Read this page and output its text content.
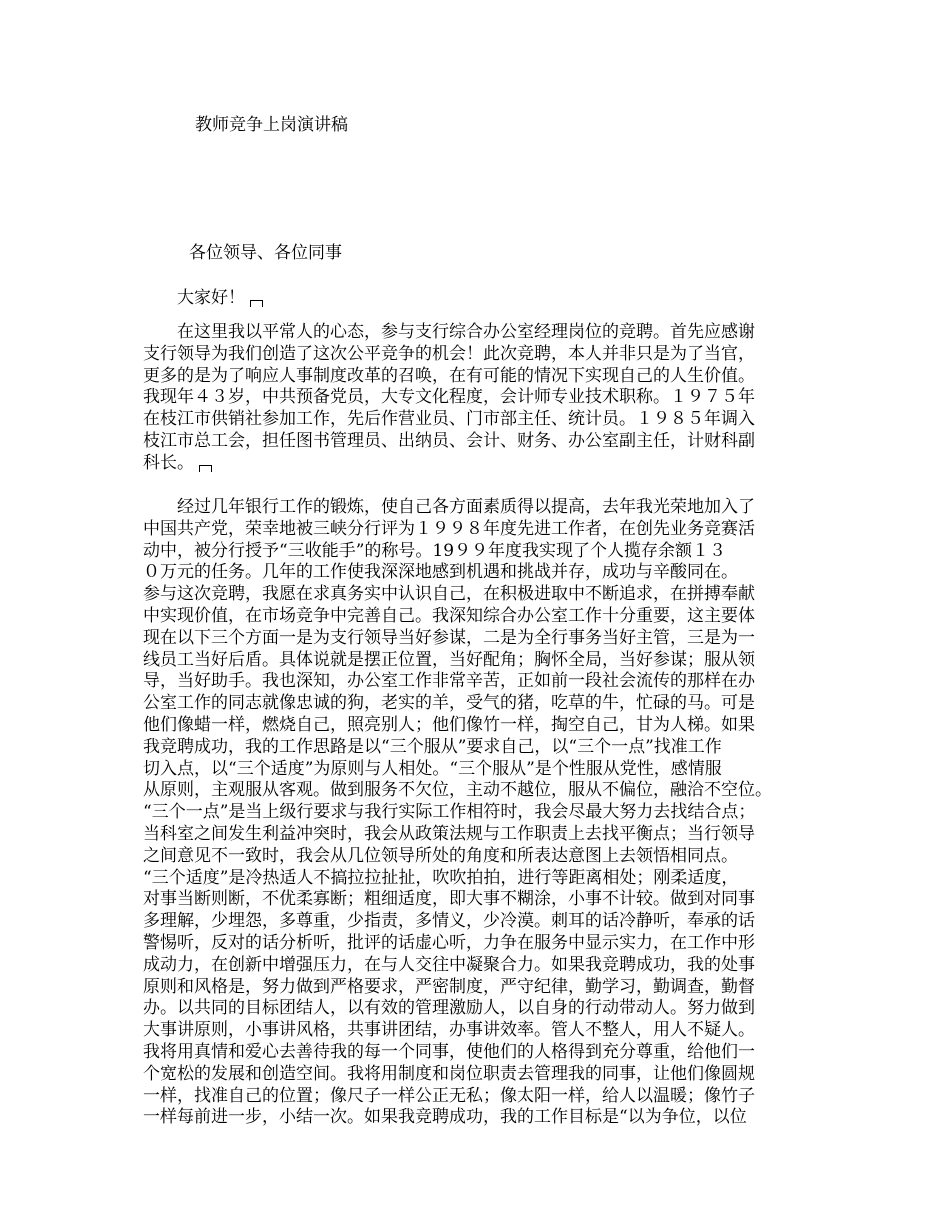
教师竞争上岗演讲稿
各位领导、各位同事
大家好！
　　在这里我以平常人的心态，参与支行综合办公室经理岗位的竞聘。首先应感谢
支行领导为我们创造了这次公平竞争的机会！此次竞聘，本人并非只是为了当官，
更多的是为了响应人事制度改革的召唤，在有可能的情况下实现自己的人生价值。
我现年４３岁，中共预备党员，大专文化程度，会计师专业技术职称。１９７５年
在枝江市供销社参加工作，先后作营业员、门市部主任、统计员。１９８５年调入
枝江市总工会，担任图书管理员、出纳员、会计、财务、办公室副主任，计财科副
科长。
　　经过几年银行工作的锻炼，使自己各方面素质得以提高，去年我光荣地加入了
中国共产党，荣幸地被三峡分行评为１９９８年度先进工作者，在创先业务竞赛活
动中，被分行授予“三收能手”的称号。19９９年度我实现了个人揽存余额１３
０万元的任务。几年的工作使我深深地感到机遇和挑战并存，成功与辛酸同在。
参与这次竞聘，我愿在求真务实中认识自己，在积极进取中不断追求，在拼搏奉献
中实现价值，在市场竞争中完善自己。我深知综合办公室工作十分重要，这主要体
现在以下三个方面一是为支行领导当好参谋，二是为全行事务当好主管，三是为一
线员工当好后盾。具体说就是摆正位置，当好配角；胸怀全局，当好参谋；服从领
导，当好助手。我也深知，办公室工作非常辛苦，正如前一段社会流传的那样在办
公室工作的同志就像忠诚的狗，老实的羊，受气的猪，吃草的牛，忙碌的马。可是
他们像蜡一样，燃烧自己，照亮别人；他们像竹一样，掏空自己，甘为人梯。如果
我竞聘成功，我的工作思路是以“三个服从”要求自己，以“三个一点”找准工作
切入点，以“三个适度”为原则与人相处。“三个服从”是个性服从党性，感情服
从原则，主观服从客观。做到服务不欠位，主动不越位，服从不偏位，融洽不空位。
“三个一点”是当上级行要求与我行实际工作相符时，我会尽最大努力去找结合点；
当科室之间发生利益冲突时，我会从政策法规与工作职责上去找平衡点；当行领导
之间意见不一致时，我会从几位领导所处的角度和所表达意图上去领悟相同点。
“三个适度”是冷热适人不搞拉拉扯扯，吹吹拍拍，进行等距离相处；刚柔适度，
对事当断则断，不优柔寡断；粗细适度，即大事不糊涂，小事不计较。做到对同事
多理解，少埋怨，多尊重，少指责，多情义，少冷漠。刺耳的话冷静听，奉承的话
警惕听，反对的话分析听，批评的话虚心听，力争在服务中显示实力，在工作中形
成动力，在创新中增强压力，在与人交往中凝聚合力。如果我竞聘成功，我的处事
原则和风格是，努力做到严格要求，严密制度，严守纪律，勤学习，勤调查，勤督
办。以共同的目标团结人，以有效的管理激励人，以自身的行动带动人。努力做到
大事讲原则，小事讲风格，共事讲团结，办事讲效率。管人不整人，用人不疑人。
我将用真情和爱心去善待我的每一个同事，使他们的人格得到充分尊重，给他们一
个宽松的发展和创造空间。我将用制度和岗位职责去管理我的同事，让他们像圆规
一样，找准自己的位置；像尺子一样公正无私；像太阳一样，给人以温暖；像竹子
一样每前进一步，小结一次。如果我竞聘成功，我的工作目标是“以为争位，以位
